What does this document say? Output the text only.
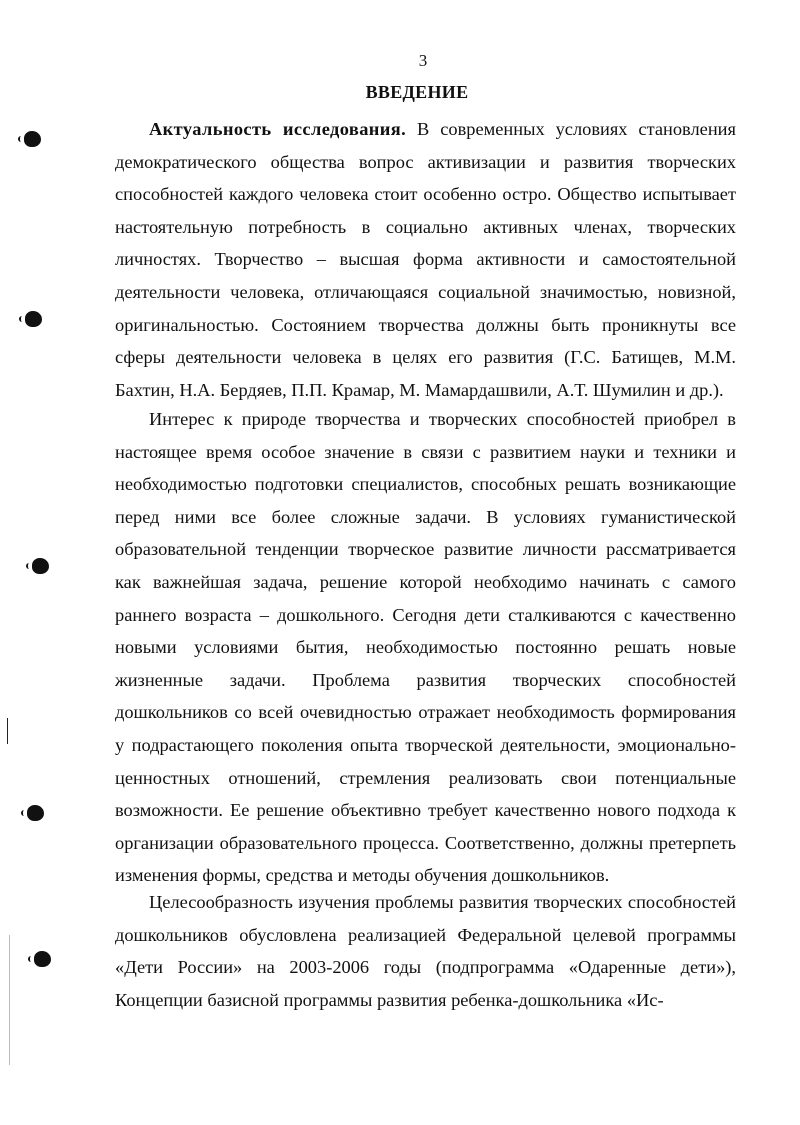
3
ВВЕДЕНИЕ

Актуальность исследования. В современных условиях становления демократического общества вопрос активизации и развития творческих способностей каждого человека стоит особенно остро. Общество испытывает настоятельную потребность в социально активных членах, творческих личностях. Творчество – высшая форма активности и самостоятельной деятельности человека, отличающаяся социальной значимостью, новизной, оригинальностью. Состоянием творчества должны быть проникнуты все сферы деятельности человека в целях его развития (Г.С. Батищев, М.М. Бахтин, Н.А. Бердяев, П.П. Крамар, М. Мамардашвили, А.Т. Шумилин и др.).

Интерес к природе творчества и творческих способностей приобрел в настоящее время особое значение в связи с развитием науки и техники и необходимостью подготовки специалистов, способных решать возникающие перед ними все более сложные задачи. В условиях гуманистической образовательной тенденции творческое развитие личности рассматривается как важнейшая задача, решение которой необходимо начинать с самого раннего возраста – дошкольного. Сегодня дети сталкиваются с качественно новыми условиями бытия, необходимостью постоянно решать новые жизненные задачи. Проблема развития творческих способностей дошкольников со всей очевидностью отражает необходимость формирования у подрастающего поколения опыта творческой деятельности, эмоционально-ценностных отношений, стремления реализовать свои потенциальные возможности. Ее решение объективно требует качественно нового подхода к организации образовательного процесса. Соответственно, должны претерпеть изменения формы, средства и методы обучения дошкольников.

Целесообразность изучения проблемы развития творческих способностей дошкольников обусловлена реализацией Федеральной целевой программы «Дети России» на 2003-2006 годы (подпрограмма «Одаренные дети»), Концепции базисной программы развития ребенка-дошкольника «Ис-
